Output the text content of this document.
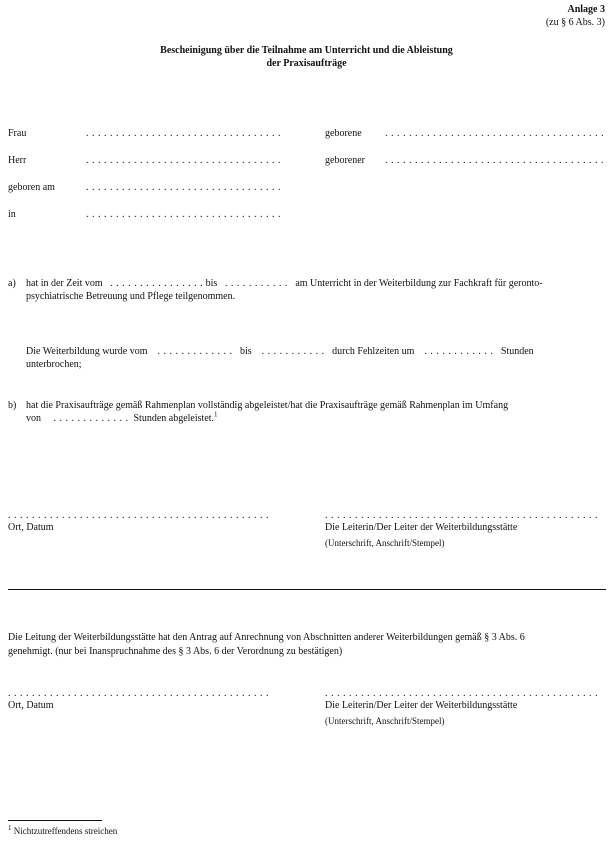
Anlage 3
(zu § 6 Abs. 3)
Bescheinigung über die Teilnahme am Unterricht und die Ableistung
der Praxisaufträge
Frau	. . . . . . . . . . . . . . . . . . . . . . . . . . . . . . . . .	geborene . . . . . . . . . . . . . . . . . . . . . . . . . . . . . . . . . . . . .
Herr	. . . . . . . . . . . . . . . . . . . . . . . . . . . . . . . . .	geborener . . . . . . . . . . . . . . . . . . . . . . . . . . . . . . . . . . . . .
geboren am	. . . . . . . . . . . . . . . . . . . . . . . . . . . . . . . . .
in	. . . . . . . . . . . . . . . . . . . . . . . . . . . . . . . . .
a) hat in der Zeit vom . . . . . . . . . . . . . . . . bis . . . . . . . . . . . am Unterricht in der Weiterbildung zur Fachkraft für geronto-
psychiatrische Betreuung und Pflege teilgenommen.
Die Weiterbildung wurde vom . . . . . . . . . . . . . bis . . . . . . . . . . . durch Fehlzeiten um . . . . . . . . . . . . Stunden
unterbrochen;
b) hat die Praxisaufträge gemäß Rahmenplan vollständig abgeleistet/hat die Praxisaufträge gemäß Rahmenplan im Umfang
von . . . . . . . . . . . . . Stunden abgeleistet.$^1$
. . . . . . . . . . . . . . . . . . . . . . . . . . . . . . . . . . . . . . . . . . . .
Ort, Datum
. . . . . . . . . . . . . . . . . . . . . . . . . . . . . . . . . . . . . . . . . . . . . .
Die Leiterin/Der Leiter der Weiterbildungsstätte
(Unterschrift, Anschrift/Stempel)
Die Leitung der Weiterbildungsstätte hat den Antrag auf Anrechnung von Abschnitten anderer Weiterbildungen gemäß § 3 Abs. 6
genehmigt. (nur bei Inanspruchnahme des § 3 Abs. 6 der Verordnung zu bestätigen)
. . . . . . . . . . . . . . . . . . . . . . . . . . . . . . . . . . . . . . . . . . . .
Ort, Datum
. . . . . . . . . . . . . . . . . . . . . . . . . . . . . . . . . . . . . . . . . . . . . .
Die Leiterin/Der Leiter der Weiterbildungsstätte
(Unterschrift, Anschrift/Stempel)
$^1$ Nichtzutreffendens streichen
